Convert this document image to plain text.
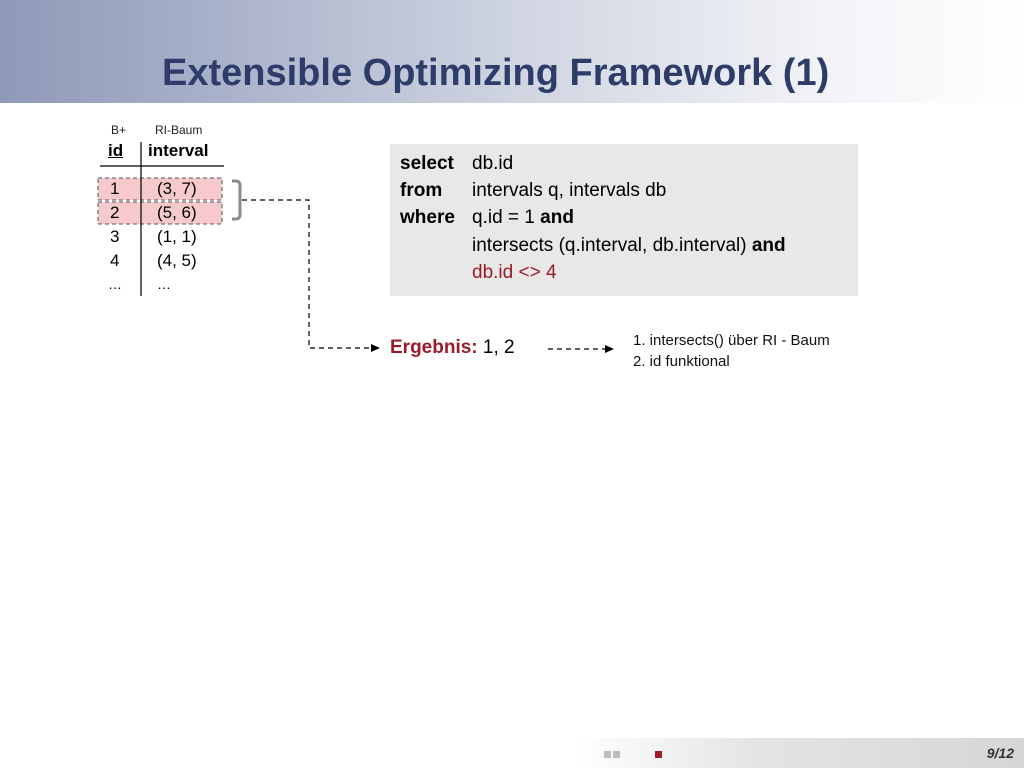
Extensible Optimizing Framework (1)
B+ RI-Baum
id interval
1 (3, 7)
2 (5, 6)
3 (1, 1)
4 (4, 5)
…	…
select db.id
from intervals q, intervals db
where q.id = 1 and
intersects (q.interval, db.interval) and
db.id <> 4
Ergebnis: 1, 2	1. intersects() über RI - Baum
2. id funktional
9/12
